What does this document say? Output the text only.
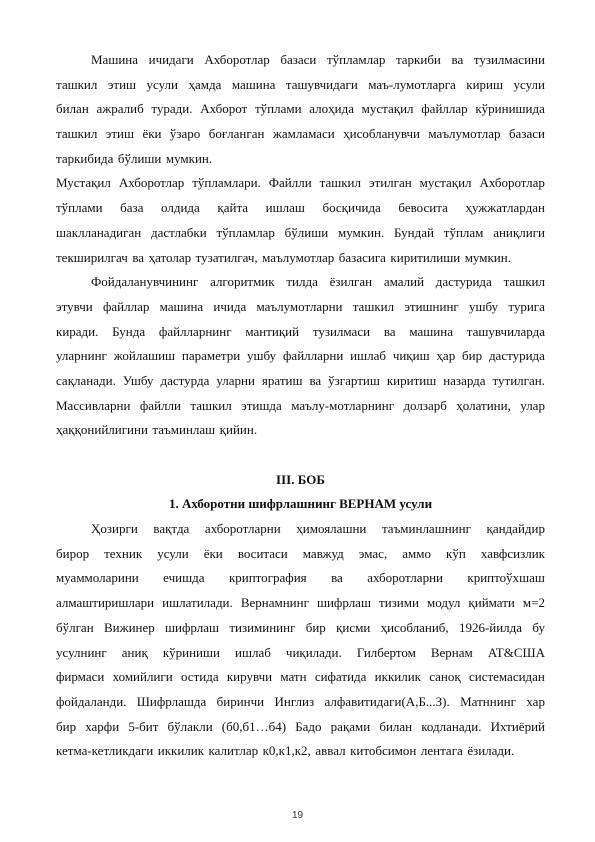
Машина ичидаги Ахборотлар базаси тўпламлар таркиби ва тузилмасини
ташкил этиш усули ҳамда машина ташувчидаги маъ-лумотларга кириш усули
билан ажралиб туради. Ахборот тўплами алоҳида мустақил файллар кўринишида
ташкил этиш ёки ўзаро боғланган жамламаси ҳисобланувчи маълумотлар базаси
таркибида бўлиши мумкин.
Мустақил Ахборотлар тўпламлари. Файлли ташкил этилган мустақил Ахборотлар
тўплами база олдида қайта ишлаш босқичида бевосита ҳужжатлардан
шаклланадиган дастлабки тўпламлар бўлиши мумкин. Бундай тўплам аниқлиги
текширилгач ва ҳатолар тузатилгач, маълумотлар базасига киритилиши мумкин.
Фойдаланувчининг алгоритмик тилда ёзилган амалий дастурида ташкил
этувчи файллар машина ичида маълумотларни ташкил этишнинг ушбу турига
киради. Бунда файлларнинг мантиқий тузилмаси ва машина ташувчиларда
уларнинг жойлашиш параметри ушбу файлларни ишлаб чиқиш ҳар бир дастурида
сақланади. Ушбу дастурда уларни яратиш ва ўзгартиш киритиш назарда тутилган.
Массивларни файлли ташкил этишда маълу-мотларнинг долзарб ҳолатини, улар
ҳаққонийлигини таъминлаш қийин.
III. БОБ
1. Ахборотни шифрлашнинг ВЕРНАМ усули
Ҳозирги вақтда ахборотларни ҳимоялашни таъминлашнинг қандайдир
бирор техник усули ёки воситаси мавжуд эмас, аммо кўп хавфсизлик
муаммоларини ечишда криптография ва ахборотларни криптоўхшаш
алмаштиришлари ишлатилади. Вернамнинг шифрлаш тизими модул қиймати м=2
бўлган Вижинер шифрлаш тизимининг бир қисми ҳисобланиб, 1926-йилда бу
усулнинг аниқ кўриниши ишлаб чиқилади. Гилбертом Вернам AT&США
фирмаси хомийлиги остида кирувчи матн сифатида иккилик саноқ системасидан
фойдаланди. Шифрлашда биринчи Инглиз алфавитидаги(А,Б...З). Матннинг хар
бир харфи 5-бит бўлакли (б0,б1…б4) Бадо рақами билан кодланади. Ихтиёрий
кетма-кетликдаги иккилик калитлар к0,к1,к2, аввал китобсимон лентага ёзилади.
19
